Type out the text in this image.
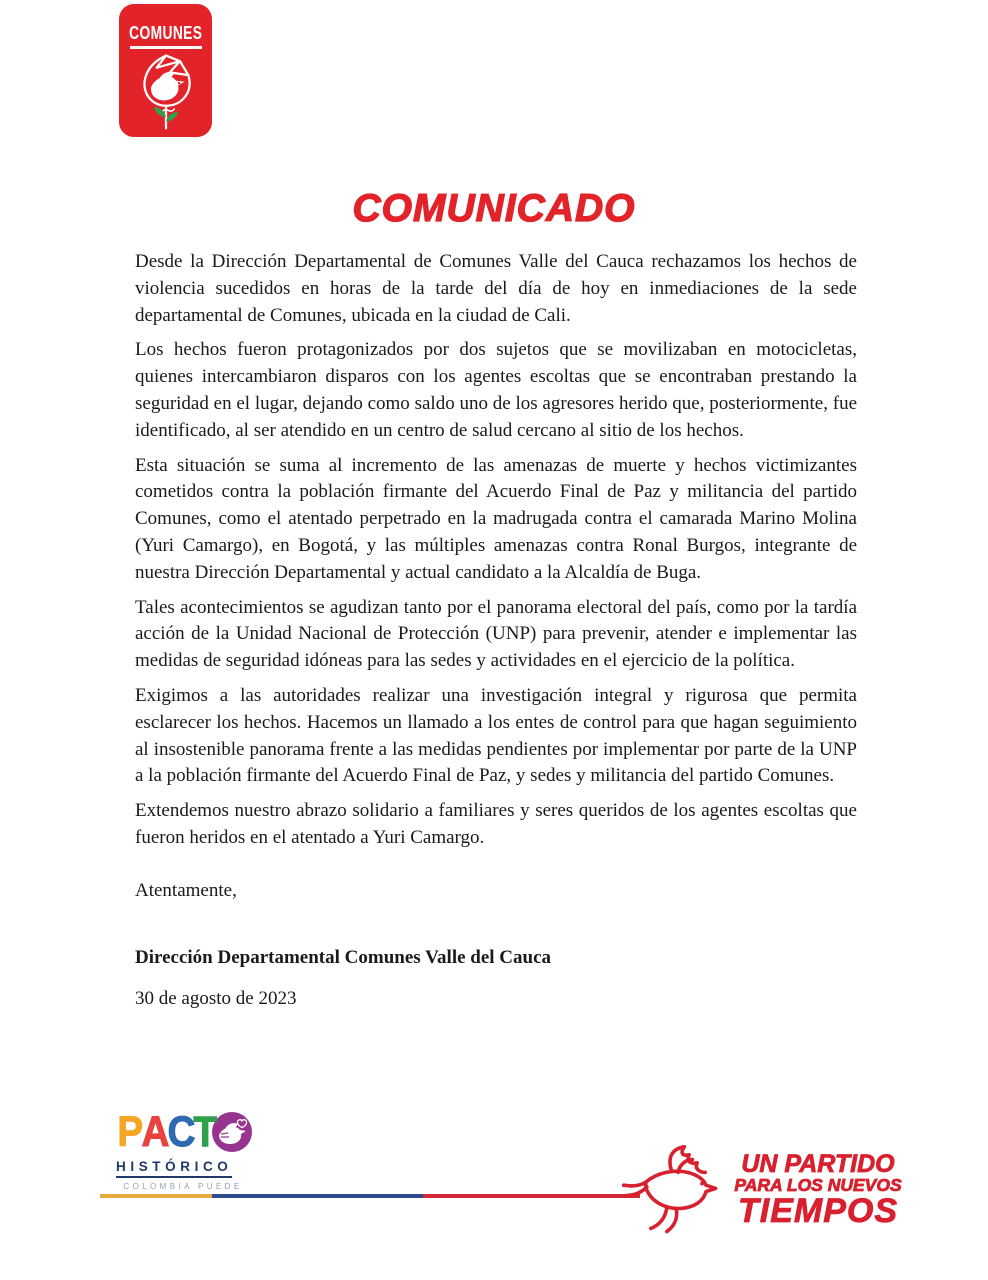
COMUNES
COMUNICADO

Desde la Dirección Departamental de Comunes Valle del Cauca rechazamos los hechos de violencia sucedidos en horas de la tarde del día de hoy en inmediaciones de la sede departamental de Comunes, ubicada en la ciudad de Cali.

Los hechos fueron protagonizados por dos sujetos que se movilizaban en motocicletas, quienes intercambiaron disparos con los agentes escoltas que se encontraban prestando la seguridad en el lugar, dejando como saldo uno de los agresores herido que, posteriormente, fue identificado, al ser atendido en un centro de salud cercano al sitio de los hechos.

Esta situación se suma al incremento de las amenazas de muerte y hechos victimizantes cometidos contra la población firmante del Acuerdo Final de Paz y militancia del partido Comunes, como el atentado perpetrado en la madrugada contra el camarada Marino Molina (Yuri Camargo), en Bogotá, y las múltiples amenazas contra Ronal Burgos, integrante de nuestra Dirección Departamental y actual candidato a la Alcaldía de Buga.

Tales acontecimientos se agudizan tanto por el panorama electoral del país, como por la tardía acción de la Unidad Nacional de Protección (UNP) para prevenir, atender e implementar las medidas de seguridad idóneas para las sedes y actividades en el ejercicio de la política.

Exigimos a las autoridades realizar una investigación integral y rigurosa que permita esclarecer los hechos. Hacemos un llamado a los entes de control para que hagan seguimiento al insostenible panorama frente a las medidas pendientes por implementar por parte de la UNP a la población firmante del Acuerdo Final de Paz, y sedes y militancia del partido Comunes.

Extendemos nuestro abrazo solidario a familiares y seres queridos de los agentes escoltas que fueron heridos en el atentado a Yuri Camargo.

Atentamente,

Dirección Departamental Comunes Valle del Cauca

30 de agosto de 2023

P
A
C
T
HISTÓRICO
COLOMBIA PUEDE
UN PARTIDO
PARA LOS NUEVOS
TIEMPOS
